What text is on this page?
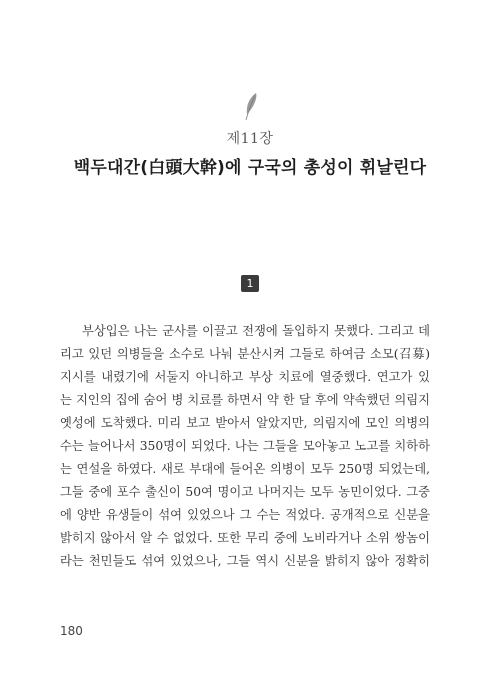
제11장
백두대간(白頭大幹)에 구국의 총성이 휘날린다
1
부상입은 나는 군사를 이끌고 전쟁에 돌입하지 못했다. 그리고 데
리고 있던 의병들을 소수로 나눠 분산시켜 그들로 하여금 소모(召募)
지시를 내렸기에 서둘지 아니하고 부상 치료에 열중했다. 연고가 있
는 지인의 집에 숨어 병 치료를 하면서 약 한 달 후에 약속했던 의림지
옛성에 도착했다. 미리 보고 받아서 알았지만, 의림지에 모인 의병의
수는 늘어나서 350명이 되었다. 나는 그들을 모아놓고 노고를 치하하
는 연설을 하였다. 새로 부대에 들어온 의병이 모두 250명 되었는데,
그들 중에 포수 출신이 50여 명이고 나머지는 모두 농민이었다. 그중
에 양반 유생들이 섞여 있었으나 그 수는 적었다. 공개적으로 신분을
밝히지 않아서 알 수 없었다. 또한 무리 중에 노비라거나 소위 쌍놈이
라는 천민들도 섞여 있었으나, 그들 역시 신분을 밝히지 않아 정확히
180
